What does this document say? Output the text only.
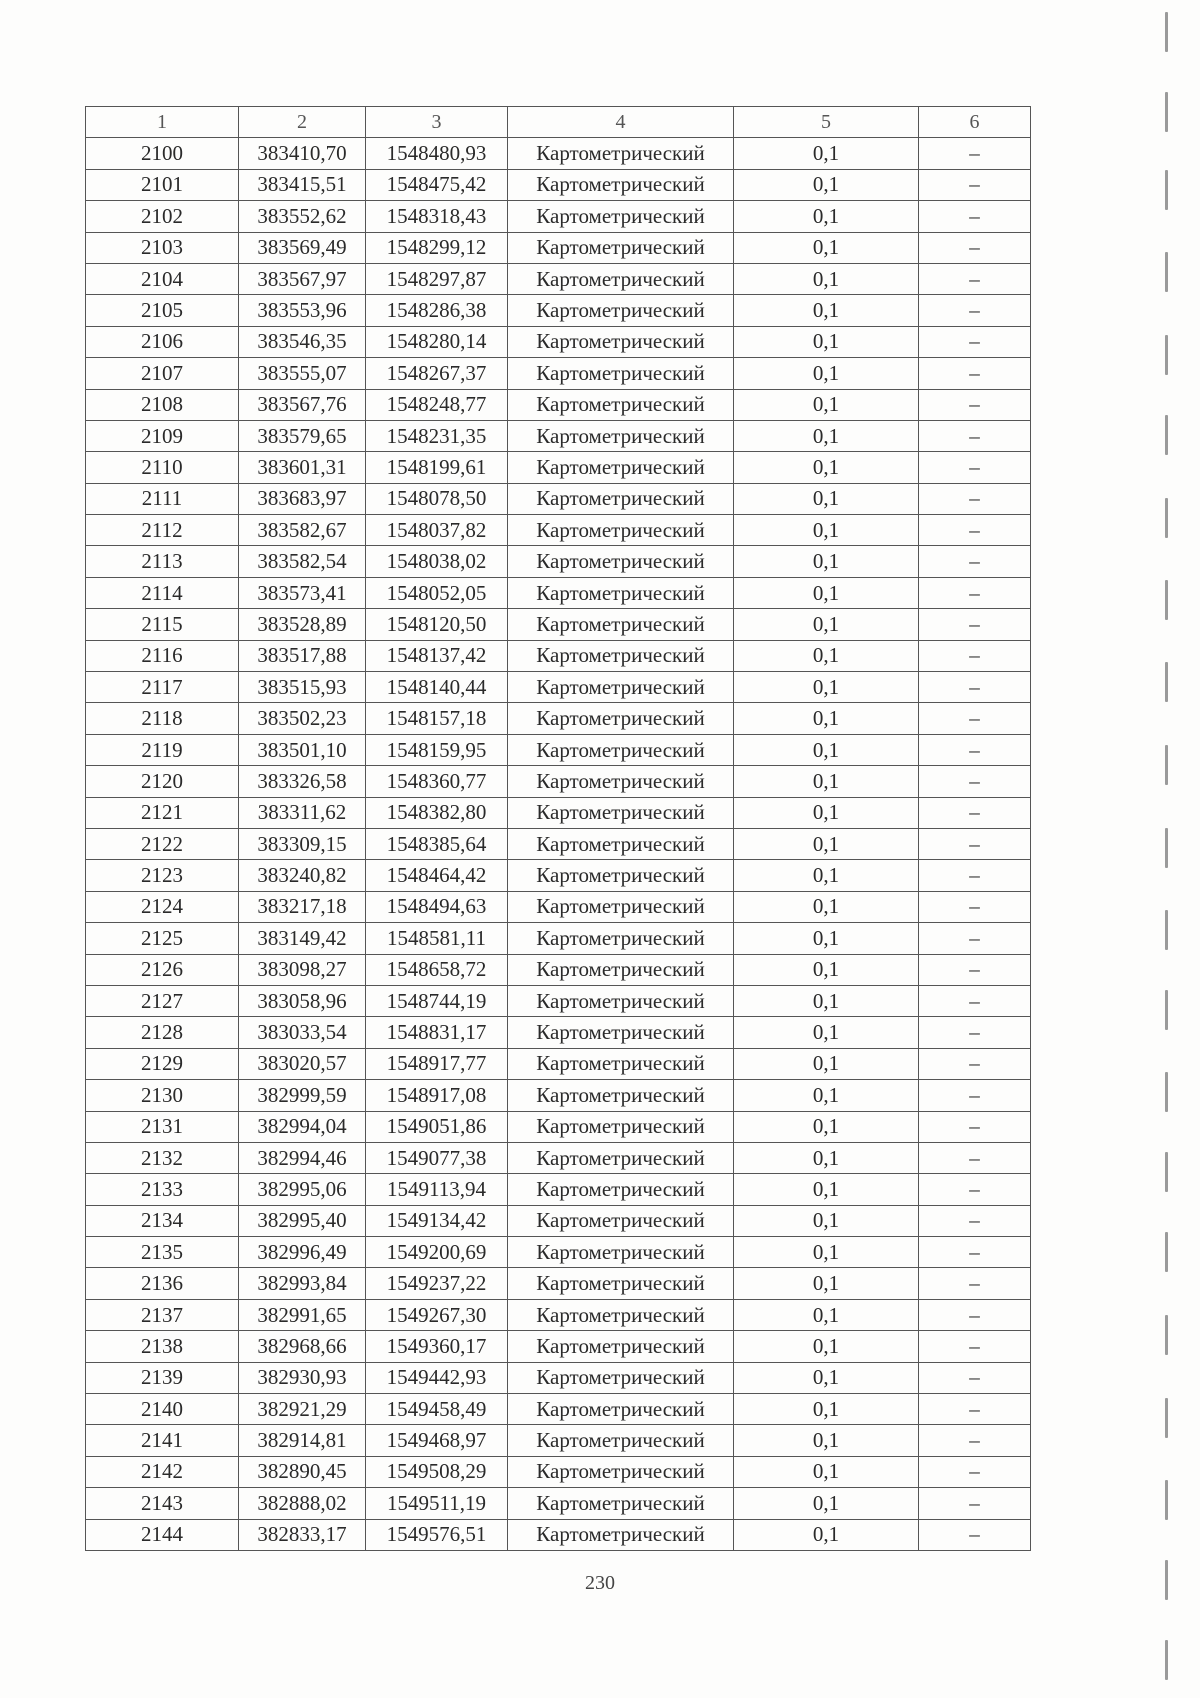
1	2	3	4	5	6
2100	383410,70	1548480,93	Картометрический	0,1	–
2101	383415,51	1548475,42	Картометрический	0,1	–
2102	383552,62	1548318,43	Картометрический	0,1	–
2103	383569,49	1548299,12	Картометрический	0,1	–
2104	383567,97	1548297,87	Картометрический	0,1	–
2105	383553,96	1548286,38	Картометрический	0,1	–
2106	383546,35	1548280,14	Картометрический	0,1	–
2107	383555,07	1548267,37	Картометрический	0,1	–
2108	383567,76	1548248,77	Картометрический	0,1	–
2109	383579,65	1548231,35	Картометрический	0,1	–
2110	383601,31	1548199,61	Картометрический	0,1	–
2111	383683,97	1548078,50	Картометрический	0,1	–
2112	383582,67	1548037,82	Картометрический	0,1	–
2113	383582,54	1548038,02	Картометрический	0,1	–
2114	383573,41	1548052,05	Картометрический	0,1	–
2115	383528,89	1548120,50	Картометрический	0,1	–
2116	383517,88	1548137,42	Картометрический	0,1	–
2117	383515,93	1548140,44	Картометрический	0,1	–
2118	383502,23	1548157,18	Картометрический	0,1	–
2119	383501,10	1548159,95	Картометрический	0,1	–
2120	383326,58	1548360,77	Картометрический	0,1	–
2121	383311,62	1548382,80	Картометрический	0,1	–
2122	383309,15	1548385,64	Картометрический	0,1	–
2123	383240,82	1548464,42	Картометрический	0,1	–
2124	383217,18	1548494,63	Картометрический	0,1	–
2125	383149,42	1548581,11	Картометрический	0,1	–
2126	383098,27	1548658,72	Картометрический	0,1	–
2127	383058,96	1548744,19	Картометрический	0,1	–
2128	383033,54	1548831,17	Картометрический	0,1	–
2129	383020,57	1548917,77	Картометрический	0,1	–
2130	382999,59	1548917,08	Картометрический	0,1	–
2131	382994,04	1549051,86	Картометрический	0,1	–
2132	382994,46	1549077,38	Картометрический	0,1	–
2133	382995,06	1549113,94	Картометрический	0,1	–
2134	382995,40	1549134,42	Картометрический	0,1	–
2135	382996,49	1549200,69	Картометрический	0,1	–
2136	382993,84	1549237,22	Картометрический	0,1	–
2137	382991,65	1549267,30	Картометрический	0,1	–
2138	382968,66	1549360,17	Картометрический	0,1	–
2139	382930,93	1549442,93	Картометрический	0,1	–
2140	382921,29	1549458,49	Картометрический	0,1	–
2141	382914,81	1549468,97	Картометрический	0,1	–
2142	382890,45	1549508,29	Картометрический	0,1	–
2143	382888,02	1549511,19	Картометрический	0,1	–
2144	382833,17	1549576,51	Картометрический	0,1	–
230
